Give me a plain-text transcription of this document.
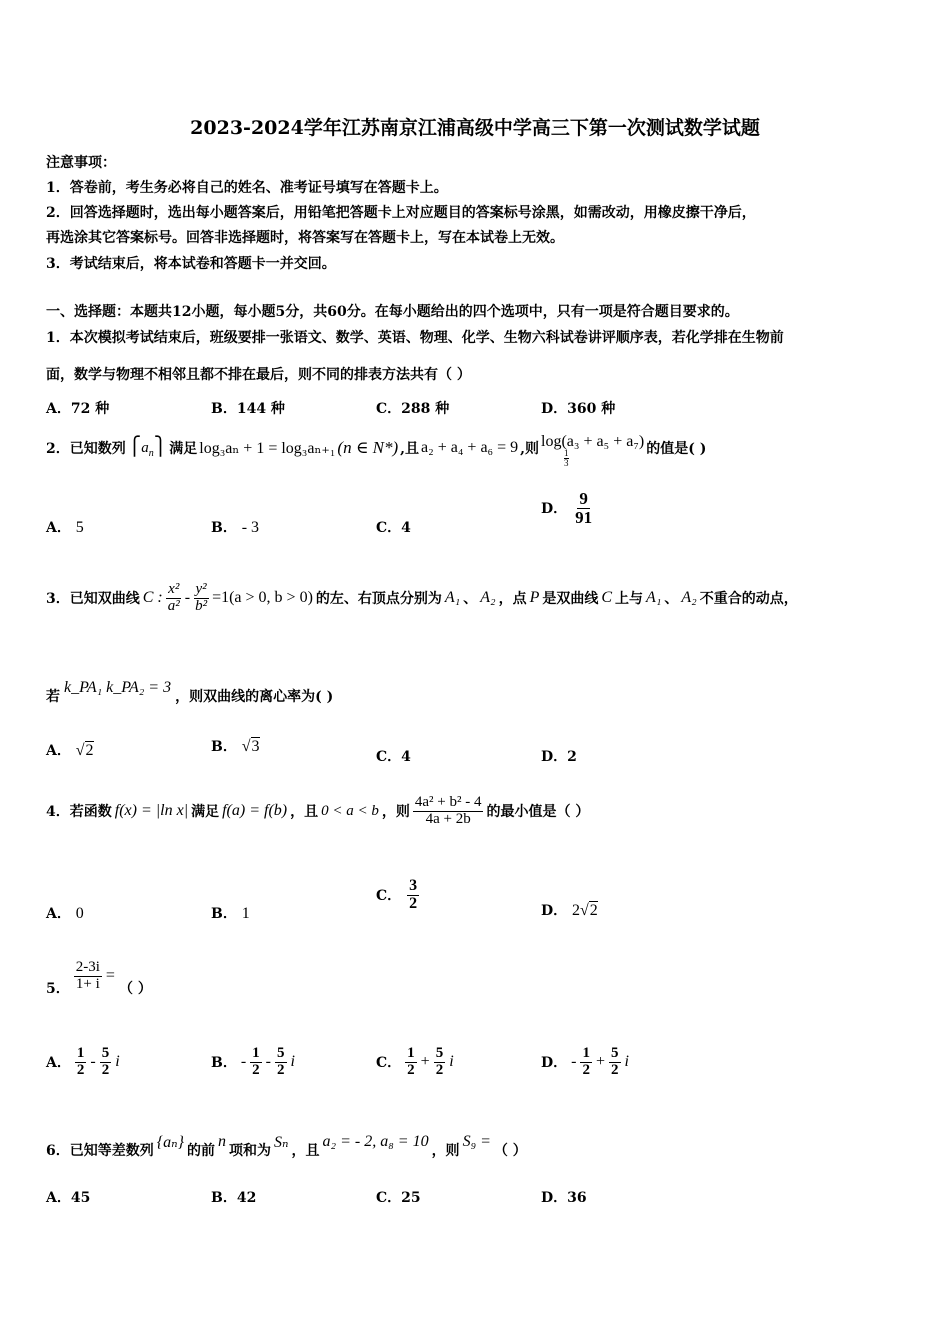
2023-2024学年江苏南京江浦高级中学高三下第一次测试数学试题
注意事项：
1．答卷前，考生务必将自己的姓名、准考证号填写在答题卡上。
2．回答选择题时，选出每小题答案后，用铅笔把答题卡上对应题目的答案标号涂黑，如需改动，用橡皮擦干净后，
再选涂其它答案标号。回答非选择题时，将答案写在答题卡上，写在本试卷上无效。
3．考试结束后，将本试卷和答题卡一并交回。
一、选择题：本题共12小题，每小题5分，共60分。在每小题给出的四个选项中，只有一项是符合题目要求的。
1．本次模拟考试结束后，班级要排一张语文、数学、英语、物理、化学、生物六科试卷讲评顺序表，若化学排在生物前
面，数学与物理不相邻且都不排在最后，则不同的排表方法共有（ ）
A．72 种	B．144 种	C．288 种	D．360 种
2．已知数列 $⎧a_n⎫$ 满足 log₃aₙ + 1 = log₃aₙ₊₁ (n ∈ N*) ,且 a₂ + a₄ + a₆ = 9 ,则 log(a₃ + a₅ + a₇)
1
3
的值是( )
A． 5	B． - 3	C．4
D． $\frac{9}{91}$
3．已知双曲线 C : $\frac{\text{x²}}{\text{a²}} - \frac{\text{y²}}{\text{b²}} =1(a > 0$, b > 0) 的左、右顶点分别为 A₁ 、 A₂ ，点 P 是双曲线 C 上与 A₁ 、 A₂ 不重合的动点，
若
k_PA₁ k_PA₂ = 3
，则双曲线的离心率为( )
A． √2	B． √3
C．4	D．2
4．若函数 f(x) = |ln x| 满足 f(a) = f(b) ，且 0 < a < b ，则 $\frac{\text{4a² + b² - 4}}{4a + 2b}$ 的最小值是（ ）
A． 0	B． 1
C． $\frac{3}{2}$	D． 2√2
5． $\frac{2-3i}{1+ i}$ =
（ ）
A． $\frac{1}{2} - \frac{5}{2}$ i	B． - $\frac{1}{2} - \frac{5}{2}$ i	C． $\frac{1}{2} + \frac{5}{2}$ i	D． - $\frac{1}{2} + \frac{5}{2}$ i
6．已知等差数列 {aₙ} 的前
n
项和为 Sₙ ，且
a₂ = - 2, a₈ = 10
，则
S₉ =
（ ）
A．45	B．42	C．25	D．36
